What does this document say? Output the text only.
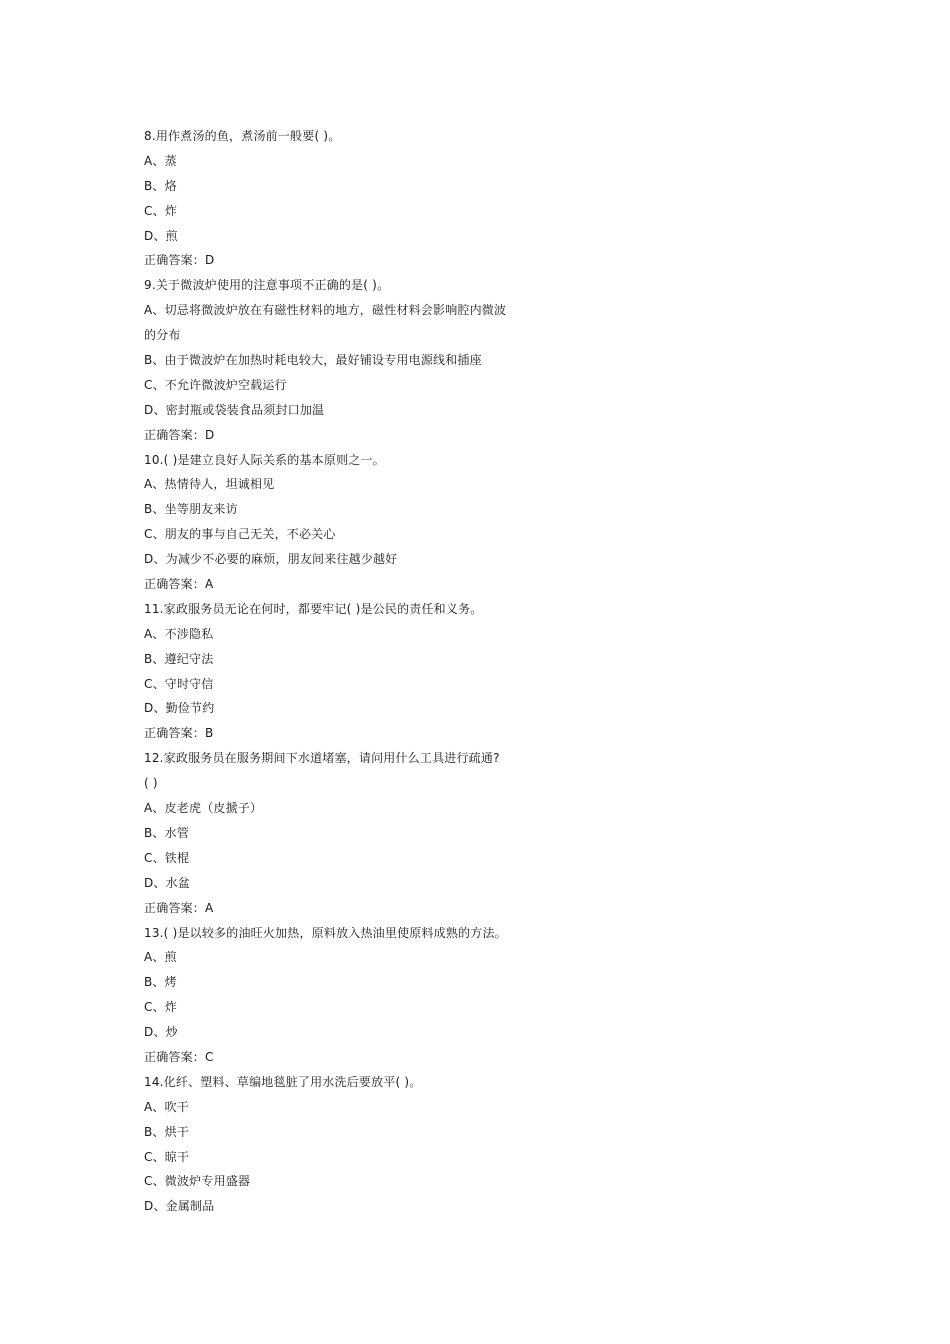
8.用作煮汤的鱼，煮汤前一般要( )。
A、蒸
B、烙
C、炸
D、煎
正确答案：D
9.关于微波炉使用的注意事项不正确的是( )。
A、切忌将微波炉放在有磁性材料的地方，磁性材料会影响腔内微波
的分布
B、由于微波炉在加热时耗电较大，最好铺设专用电源线和插座
C、不允许微波炉空载运行
D、密封瓶或袋装食品须封口加温
正确答案：D
10.( )是建立良好人际关系的基本原则之一。
A、热情待人，坦诚相见
B、坐等朋友来访
C、朋友的事与自己无关，不必关心
D、为减少不必要的麻烦，朋友间来往越少越好
正确答案：A
11.家政服务员无论在何时，都要牢记( )是公民的责任和义务。
A、不涉隐私
B、遵纪守法
C、守时守信
D、勤俭节约
正确答案：B
12.家政服务员在服务期间下水道堵塞，请问用什么工具进行疏通?
( )
A、皮老虎（皮搋子）
B、水管
C、铁棍
D、水盆
正确答案：A
13.( )是以较多的油旺火加热，原料放入热油里使原料成熟的方法。
A、煎
B、烤
C、炸
D、炒
正确答案：C
14.化纤、塑料、草编地毯脏了用水洗后要放平( )。
A、吹干
B、烘干
C、晾干
C、微波炉专用盛器
D、金属制品
